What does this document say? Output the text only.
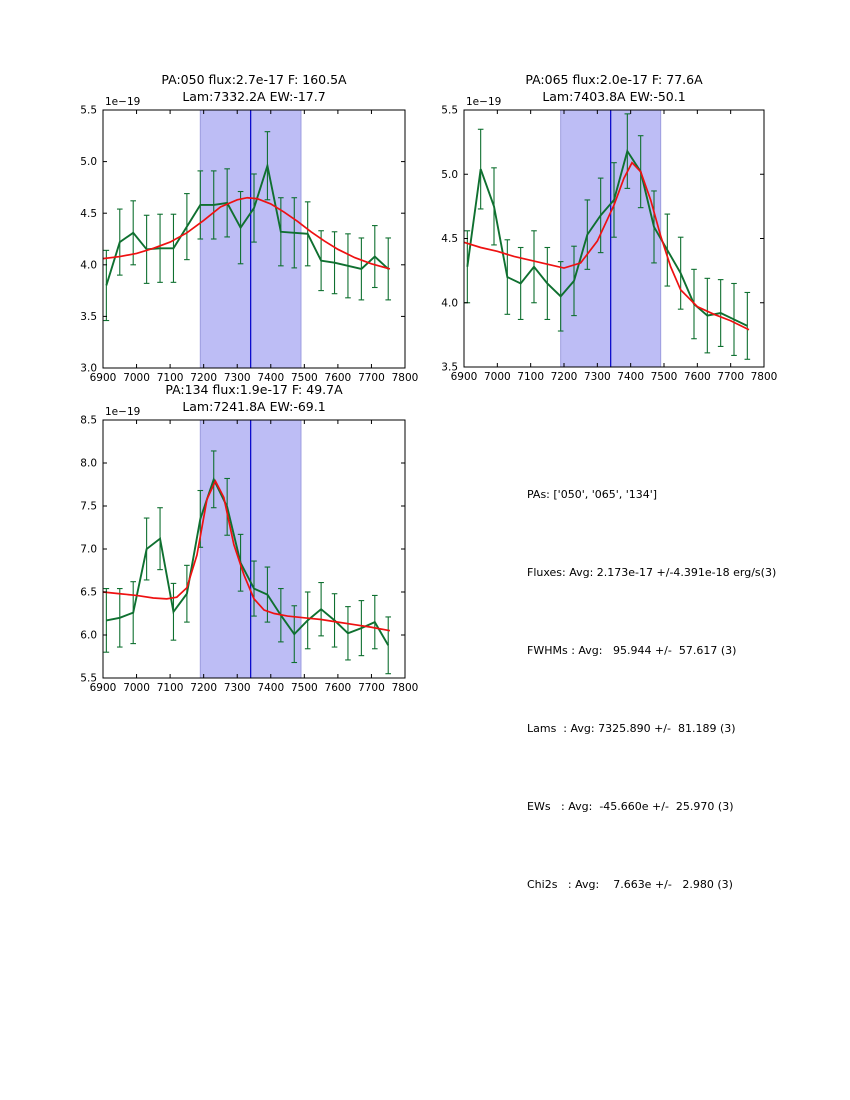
6900 7000 7100 7200 7300 7400 7500 7600 7700 7800
3.0
3.5
4.0
4.5
5.0
5.5
PA:050 flux:2.7e-17 F: 160.5A
Lam:7332.2A EW:-17.7
1e−19
6900 7000 7100 7200 7300 7400 7500 7600 7700 7800
3.5
4.0
4.5
5.0
5.5
PA:065 flux:2.0e-17 F: 77.6A
Lam:7403.8A EW:-50.1
1e−19
6900 7000 7100 7200 7300 7400 7500 7600 7700 7800
5.5
6.0
6.5
7.0
7.5
8.0
8.5
PA:134 flux:1.9e-17 F: 49.7A
Lam:7241.8A EW:-69.1
1e−19

PAs: ['050', '065', '134']

Fluxes: Avg: 2.173e-17 +/-4.391e-18 erg/s(3)

FWHMs : Avg:   95.944 +/-  57.617 (3)

Lams  : Avg: 7325.890 +/-  81.189 (3)

EWs   : Avg:  -45.660e +/-  25.970 (3)

Chi2s   : Avg:    7.663e +/-   2.980 (3)
